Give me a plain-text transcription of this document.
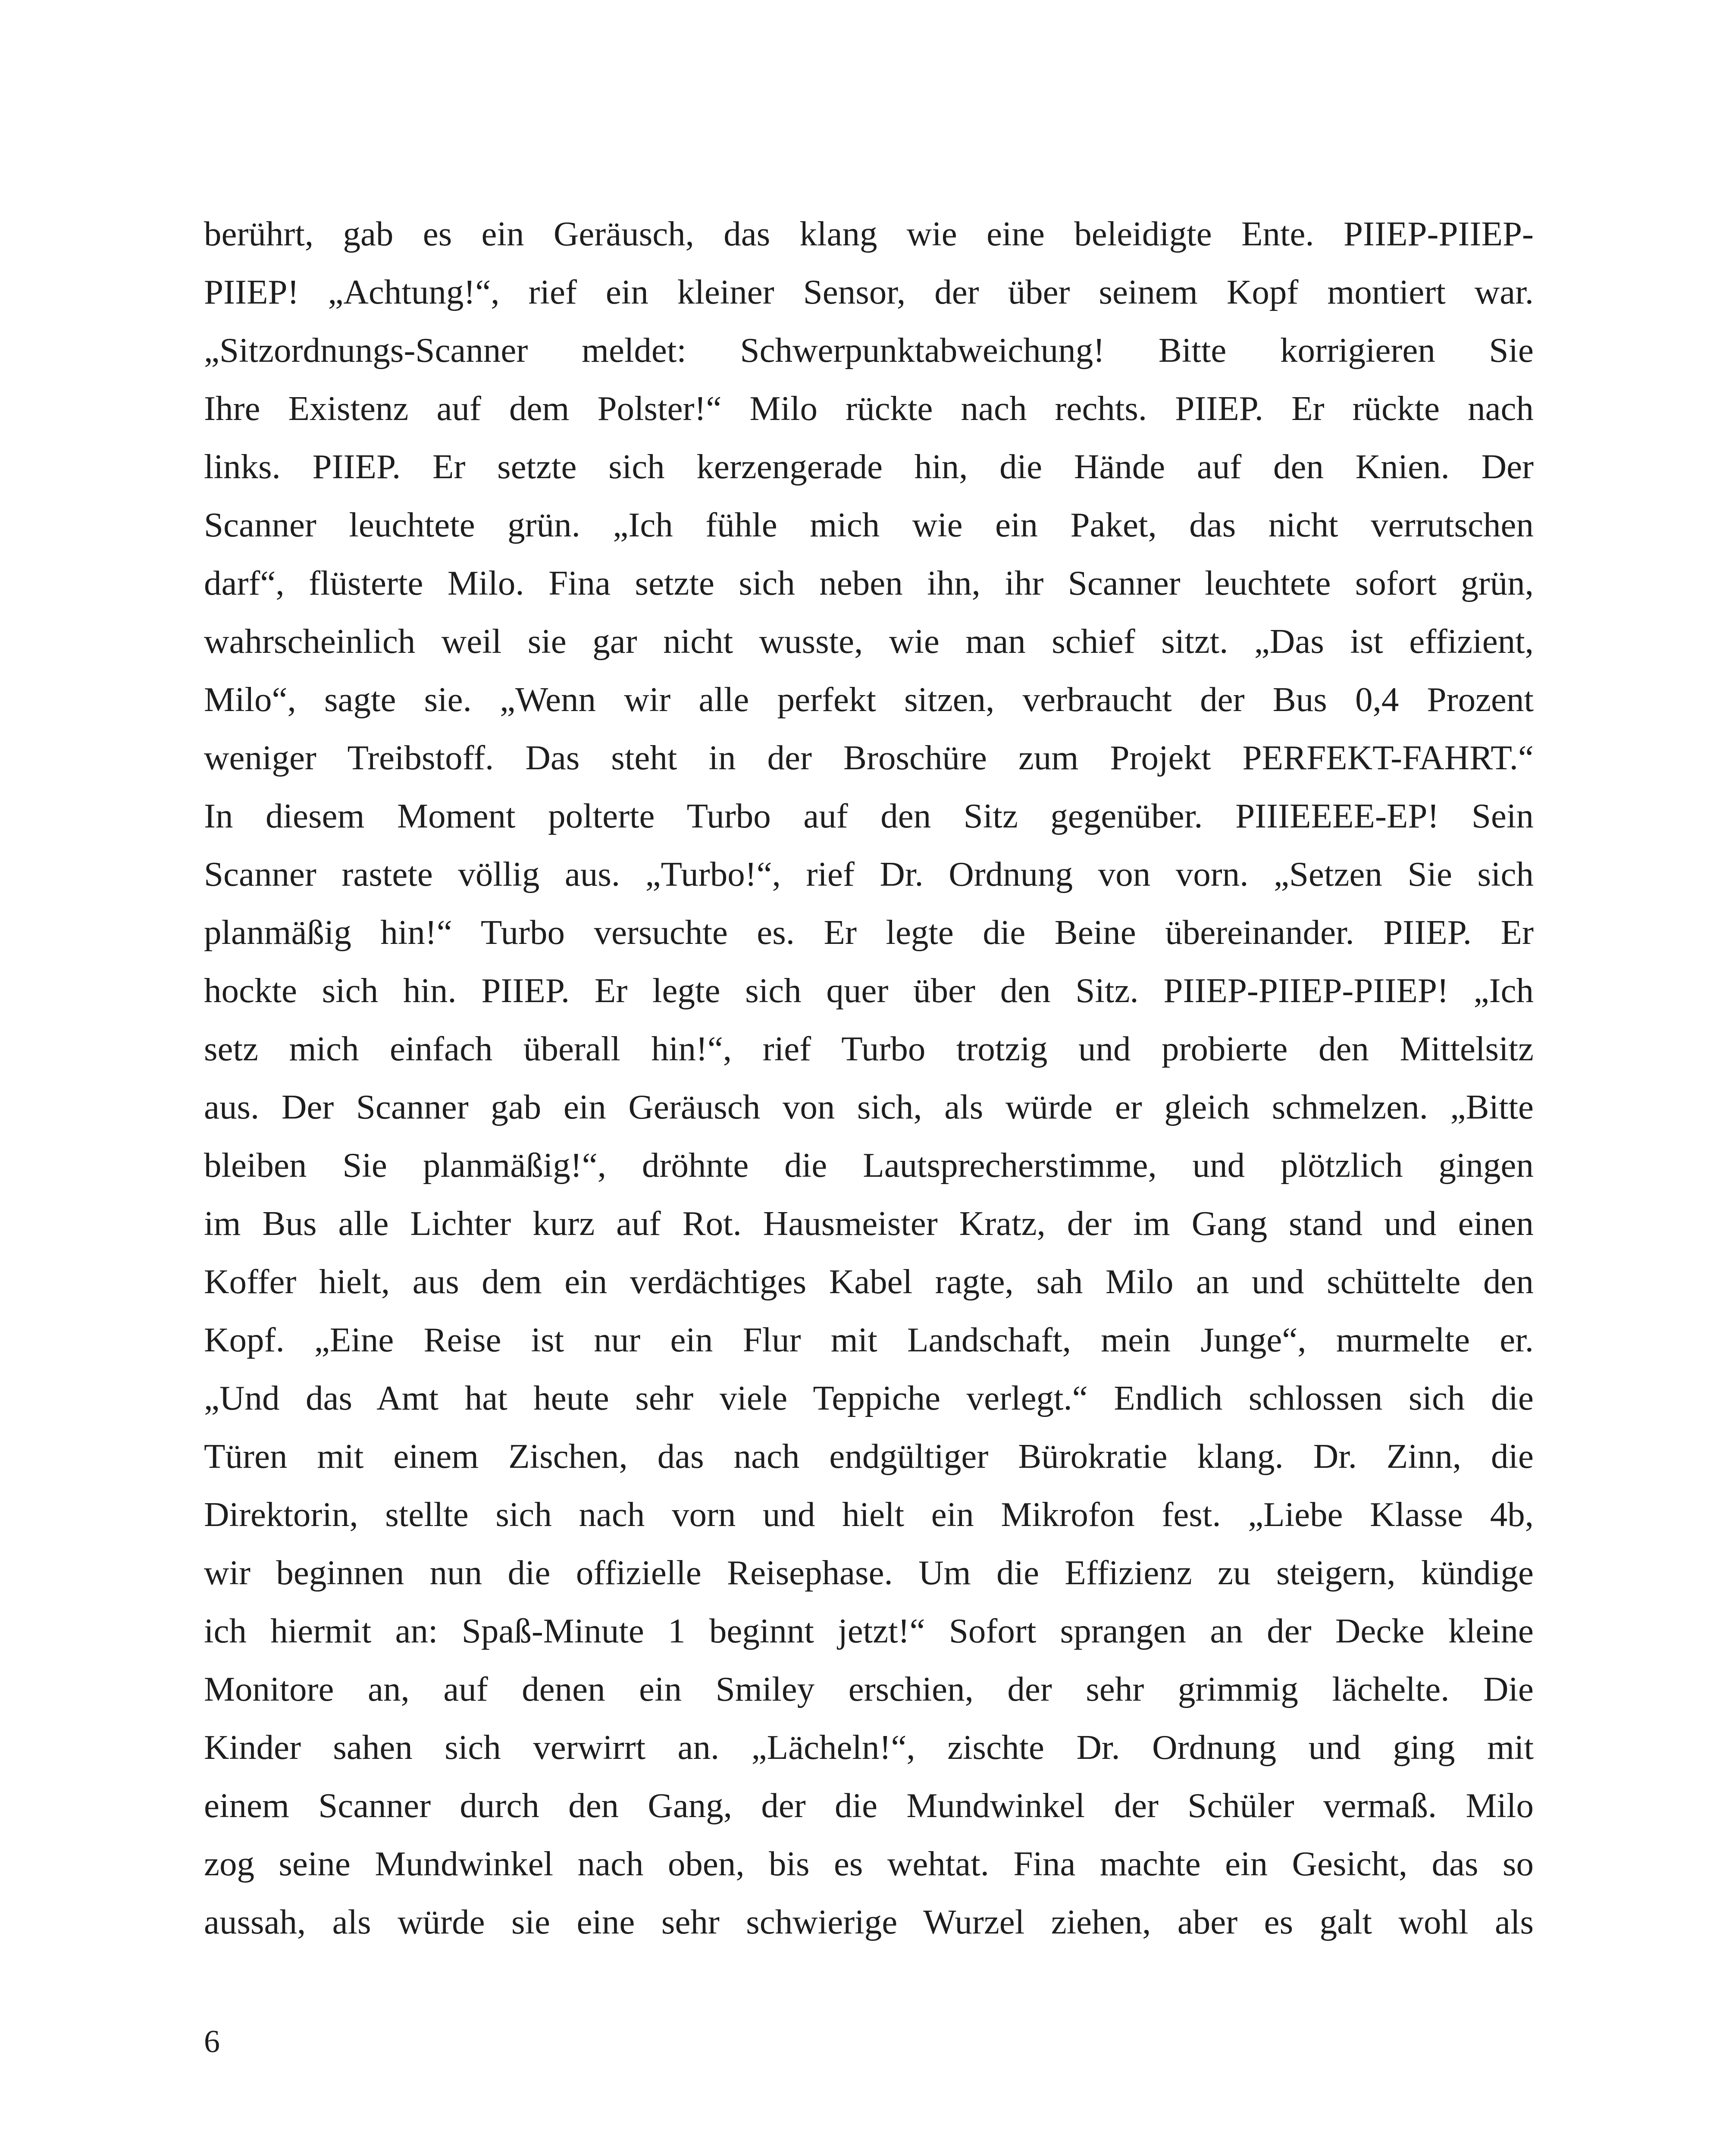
berührt, gab es ein Geräusch, das klang wie eine beleidigte Ente. PIIEP-PIIEP-
PIIEP! „Achtung!“, rief ein kleiner Sensor, der über seinem Kopf montiert war.
„Sitzordnungs-Scanner meldet: Schwerpunktabweichung! Bitte korrigieren Sie
Ihre Existenz auf dem Polster!“ Milo rückte nach rechts. PIIEP. Er rückte nach
links. PIIEP. Er setzte sich kerzengerade hin, die Hände auf den Knien. Der
Scanner leuchtete grün. „Ich fühle mich wie ein Paket, das nicht verrutschen
darf“, flüsterte Milo. Fina setzte sich neben ihn, ihr Scanner leuchtete sofort grün,
wahrscheinlich weil sie gar nicht wusste, wie man schief sitzt. „Das ist effizient,
Milo“, sagte sie. „Wenn wir alle perfekt sitzen, verbraucht der Bus 0,4 Prozent
weniger Treibstoff. Das steht in der Broschüre zum Projekt PERFEKT-FAHRT.“
In diesem Moment polterte Turbo auf den Sitz gegenüber. PIIIEEEE-EP! Sein
Scanner rastete völlig aus. „Turbo!“, rief Dr. Ordnung von vorn. „Setzen Sie sich
planmäßig hin!“ Turbo versuchte es. Er legte die Beine übereinander. PIIEP. Er
hockte sich hin. PIIEP. Er legte sich quer über den Sitz. PIIEP-PIIEP-PIIEP! „Ich
setz mich einfach überall hin!“, rief Turbo trotzig und probierte den Mittelsitz
aus. Der Scanner gab ein Geräusch von sich, als würde er gleich schmelzen. „Bitte
bleiben Sie planmäßig!“, dröhnte die Lautsprecherstimme, und plötzlich gingen
im Bus alle Lichter kurz auf Rot. Hausmeister Kratz, der im Gang stand und einen
Koffer hielt, aus dem ein verdächtiges Kabel ragte, sah Milo an und schüttelte den
Kopf. „Eine Reise ist nur ein Flur mit Landschaft, mein Junge“, murmelte er.
„Und das Amt hat heute sehr viele Teppiche verlegt.“ Endlich schlossen sich die
Türen mit einem Zischen, das nach endgültiger Bürokratie klang. Dr. Zinn, die
Direktorin, stellte sich nach vorn und hielt ein Mikrofon fest. „Liebe Klasse 4b,
wir beginnen nun die offizielle Reisephase. Um die Effizienz zu steigern, kündige
ich hiermit an: Spaß-Minute 1 beginnt jetzt!“ Sofort sprangen an der Decke kleine
Monitore an, auf denen ein Smiley erschien, der sehr grimmig lächelte. Die
Kinder sahen sich verwirrt an. „Lächeln!“, zischte Dr. Ordnung und ging mit
einem Scanner durch den Gang, der die Mundwinkel der Schüler vermaß. Milo
zog seine Mundwinkel nach oben, bis es wehtat. Fina machte ein Gesicht, das so
aussah, als würde sie eine sehr schwierige Wurzel ziehen, aber es galt wohl als
6
